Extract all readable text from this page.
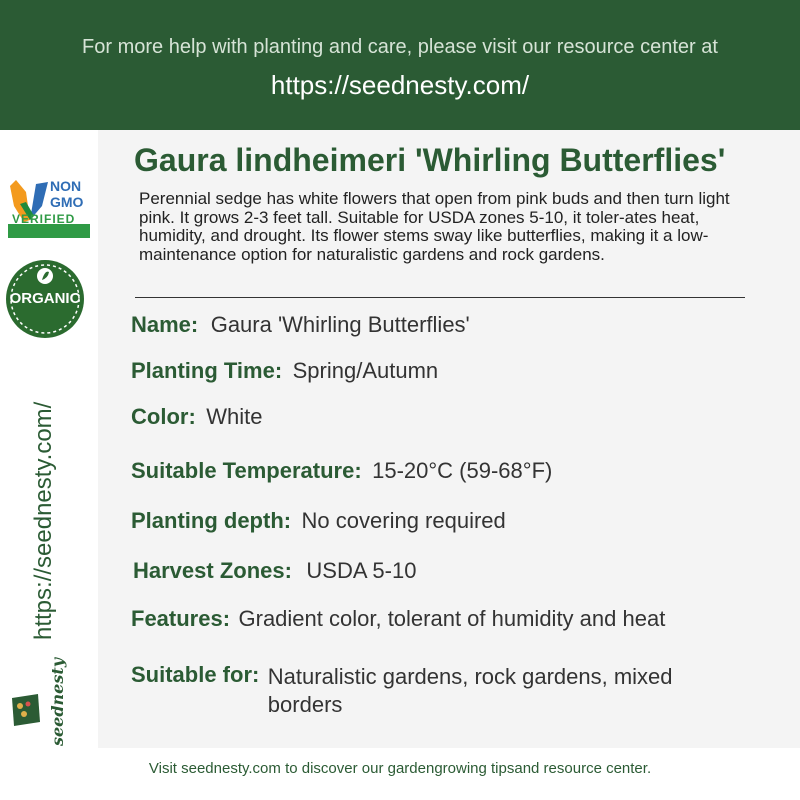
For more help with planting and care, please visit our resource center at
https://seednesty.com/
NON
GMO
VERIFIED
ORGANIC
https://seednesty.com/
seednesty
Gaura lindheimeri 'Whirling Butterflies'
Perennial sedge has white flowers that open from pink buds and then turn light pink. It grows 2-3 feet tall. Suitable for USDA zones 5-10, it toler-ates heat, humidity, and drought. Its flower stems sway like butterflies, making it a low-maintenance option for naturalistic gardens and rock gardens.
Name: Gaura 'Whirling Butterflies'
Planting Time: Spring/Autumn
Color: White
Suitable Temperature: 15-20°C (59-68°F)
Planting depth: No covering required
Harvest Zones: USDA 5-10
Features: Gradient color, tolerant of humidity and heat
Suitable for: Naturalistic gardens, rock gardens, mixed
borders
Visit seednesty.com to discover our gardengrowing tipsand resource center.
